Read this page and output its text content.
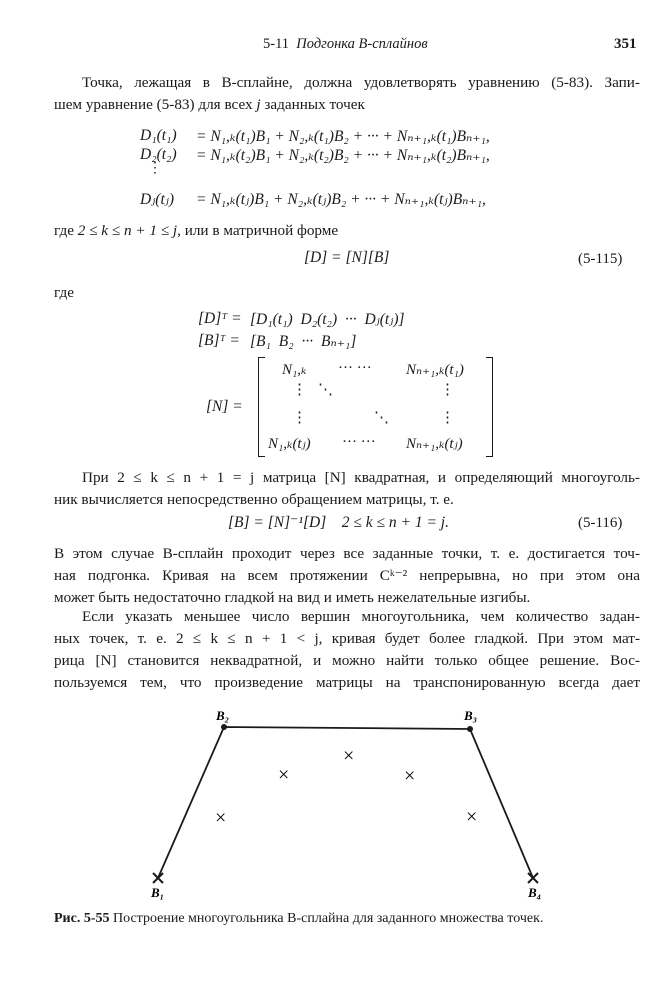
5-11 Подгонка B-сплайнов	351
Точка, лежащая в B-сплайне, должна удовлетворять уравнению (5-83). Запи-
шем уравнение (5-83) для всех j заданных точек
D₁(t₁) = N₁,ₖ(t₁)B₁ + N₂,ₖ(t₁)B₂ + ··· + Nₙ₊₁,ₖ(t₁)Bₙ₊₁,
D₂(t₂) = N₁,ₖ(t₂)B₁ + N₂,ₖ(t₂)B₂ + ··· + Nₙ₊₁,ₖ(t₂)Bₙ₊₁,
⋮
Dⱼ(tⱼ) = N₁,ₖ(tⱼ)B₁ + N₂,ₖ(tⱼ)B₂ + ··· + Nₙ₊₁,ₖ(tⱼ)Bₙ₊₁,
где 2 ≤ k ≤ n + 1 ≤ j, или в матричной форме
[D] = [N][B]	(5-115)
где
[D]ᵀ = [D₁(t₁) D₂(t₂) ··· Dⱼ(tⱼ)]
[B]ᵀ = [B₁ B₂ ··· Bₙ₊₁]
[N] =
N₁,ₖ ··· ··· Nₙ₊₁,ₖ(t₁)
⋮ ⋱	⋮
⋮	⋱	⋮
N₁,ₖ(tⱼ) ··· ··· Nₙ₊₁,ₖ(tⱼ)
При 2 ≤ k ≤ n + 1 = j матрица [N] квадратная, и определяющий многоуголь-
ник вычисляется непосредственно обращением матрицы, т. е.
[B] = [N]⁻¹[D]    2 ≤ k ≤ n + 1 = j.	(5-116)
В этом случае B-сплайн проходит через все заданные точки, т. е. достигается точ-
ная подгонка. Кривая на всем протяжении Cᵏ⁻² непрерывна, но при этом она
может быть недостаточно гладкой на вид и иметь нежелательные изгибы.
Если указать меньшее число вершин многоугольника, чем количество задан-
ных точек, т. е. 2 ≤ k ≤ n + 1 < j, кривая будет более гладкой. При этом мат-
рица [N] становится неквадратной, и можно найти только общее решение. Вос-
пользуемся тем, что произведение матрицы на транспонированную всегда дает
B₂	B₃
B₁	B₄
×
×	×
×	×
Рис. 5-55 Построение многоугольника B-сплайна для заданного множества точек.
